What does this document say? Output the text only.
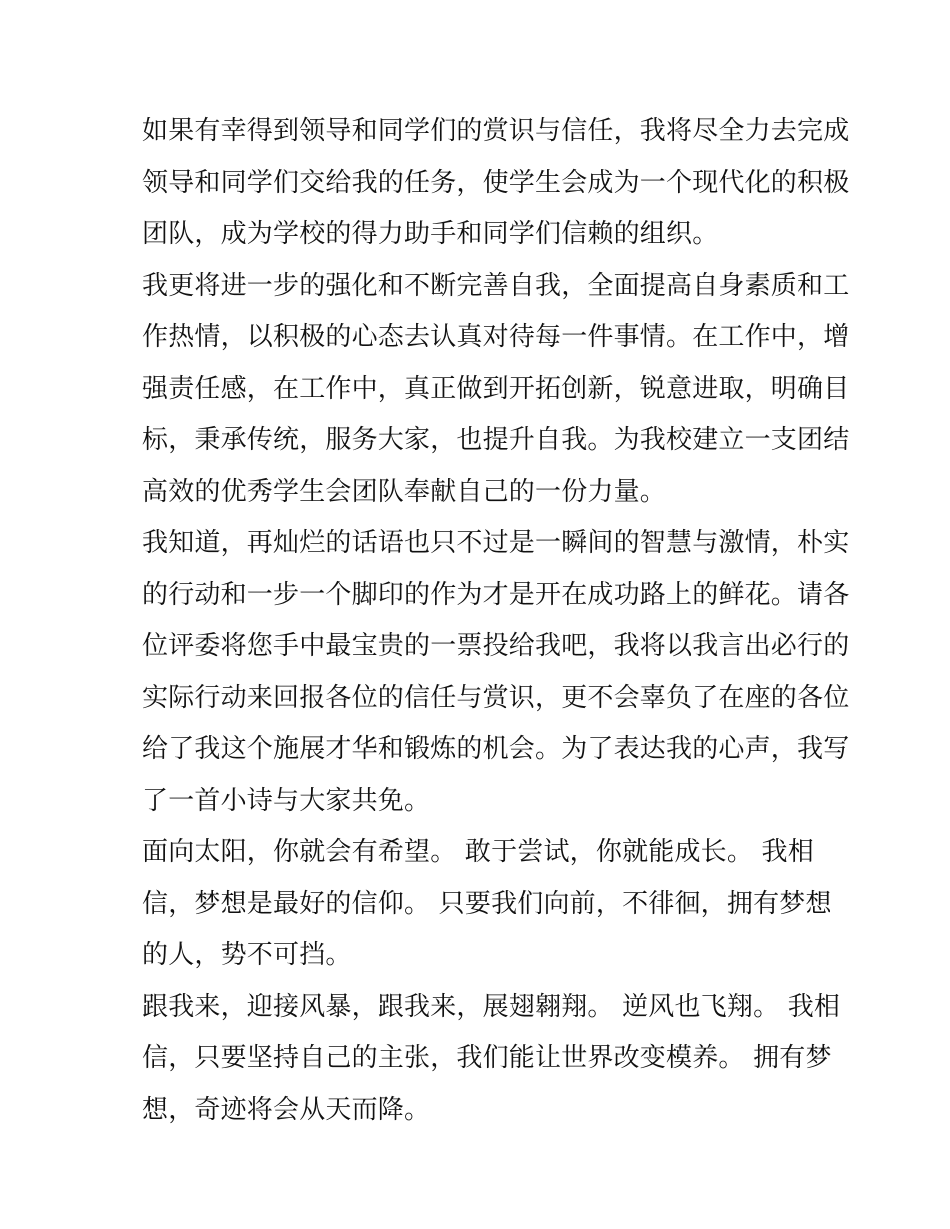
如果有幸得到领导和同学们的赏识与信任，我将尽全力去完成
领导和同学们交给我的任务，使学生会成为一个现代化的积极
团队，成为学校的得力助手和同学们信赖的组织。
我更将进一步的强化和不断完善自我，全面提高自身素质和工
作热情，以积极的心态去认真对待每一件事情。在工作中，增
强责任感，在工作中，真正做到开拓创新，锐意进取，明确目
标，秉承传统，服务大家，也提升自我。为我校建立一支团结
高效的优秀学生会团队奉献自己的一份力量。
我知道，再灿烂的话语也只不过是一瞬间的智慧与激情，朴实
的行动和一步一个脚印的作为才是开在成功路上的鲜花。请各
位评委将您手中最宝贵的一票投给我吧，我将以我言出必行的
实际行动来回报各位的信任与赏识，更不会辜负了在座的各位
给了我这个施展才华和锻炼的机会。为了表达我的心声，我写
了一首小诗与大家共免。
面向太阳，你就会有希望。 敢于尝试，你就能成长。 我相
信，梦想是最好的信仰。 只要我们向前，不徘徊，拥有梦想
的人，势不可挡。
跟我来，迎接风暴，跟我来，展翅翱翔。 逆风也飞翔。 我相
信，只要坚持自己的主张，我们能让世界改变模养。 拥有梦
想，奇迹将会从天而降。
